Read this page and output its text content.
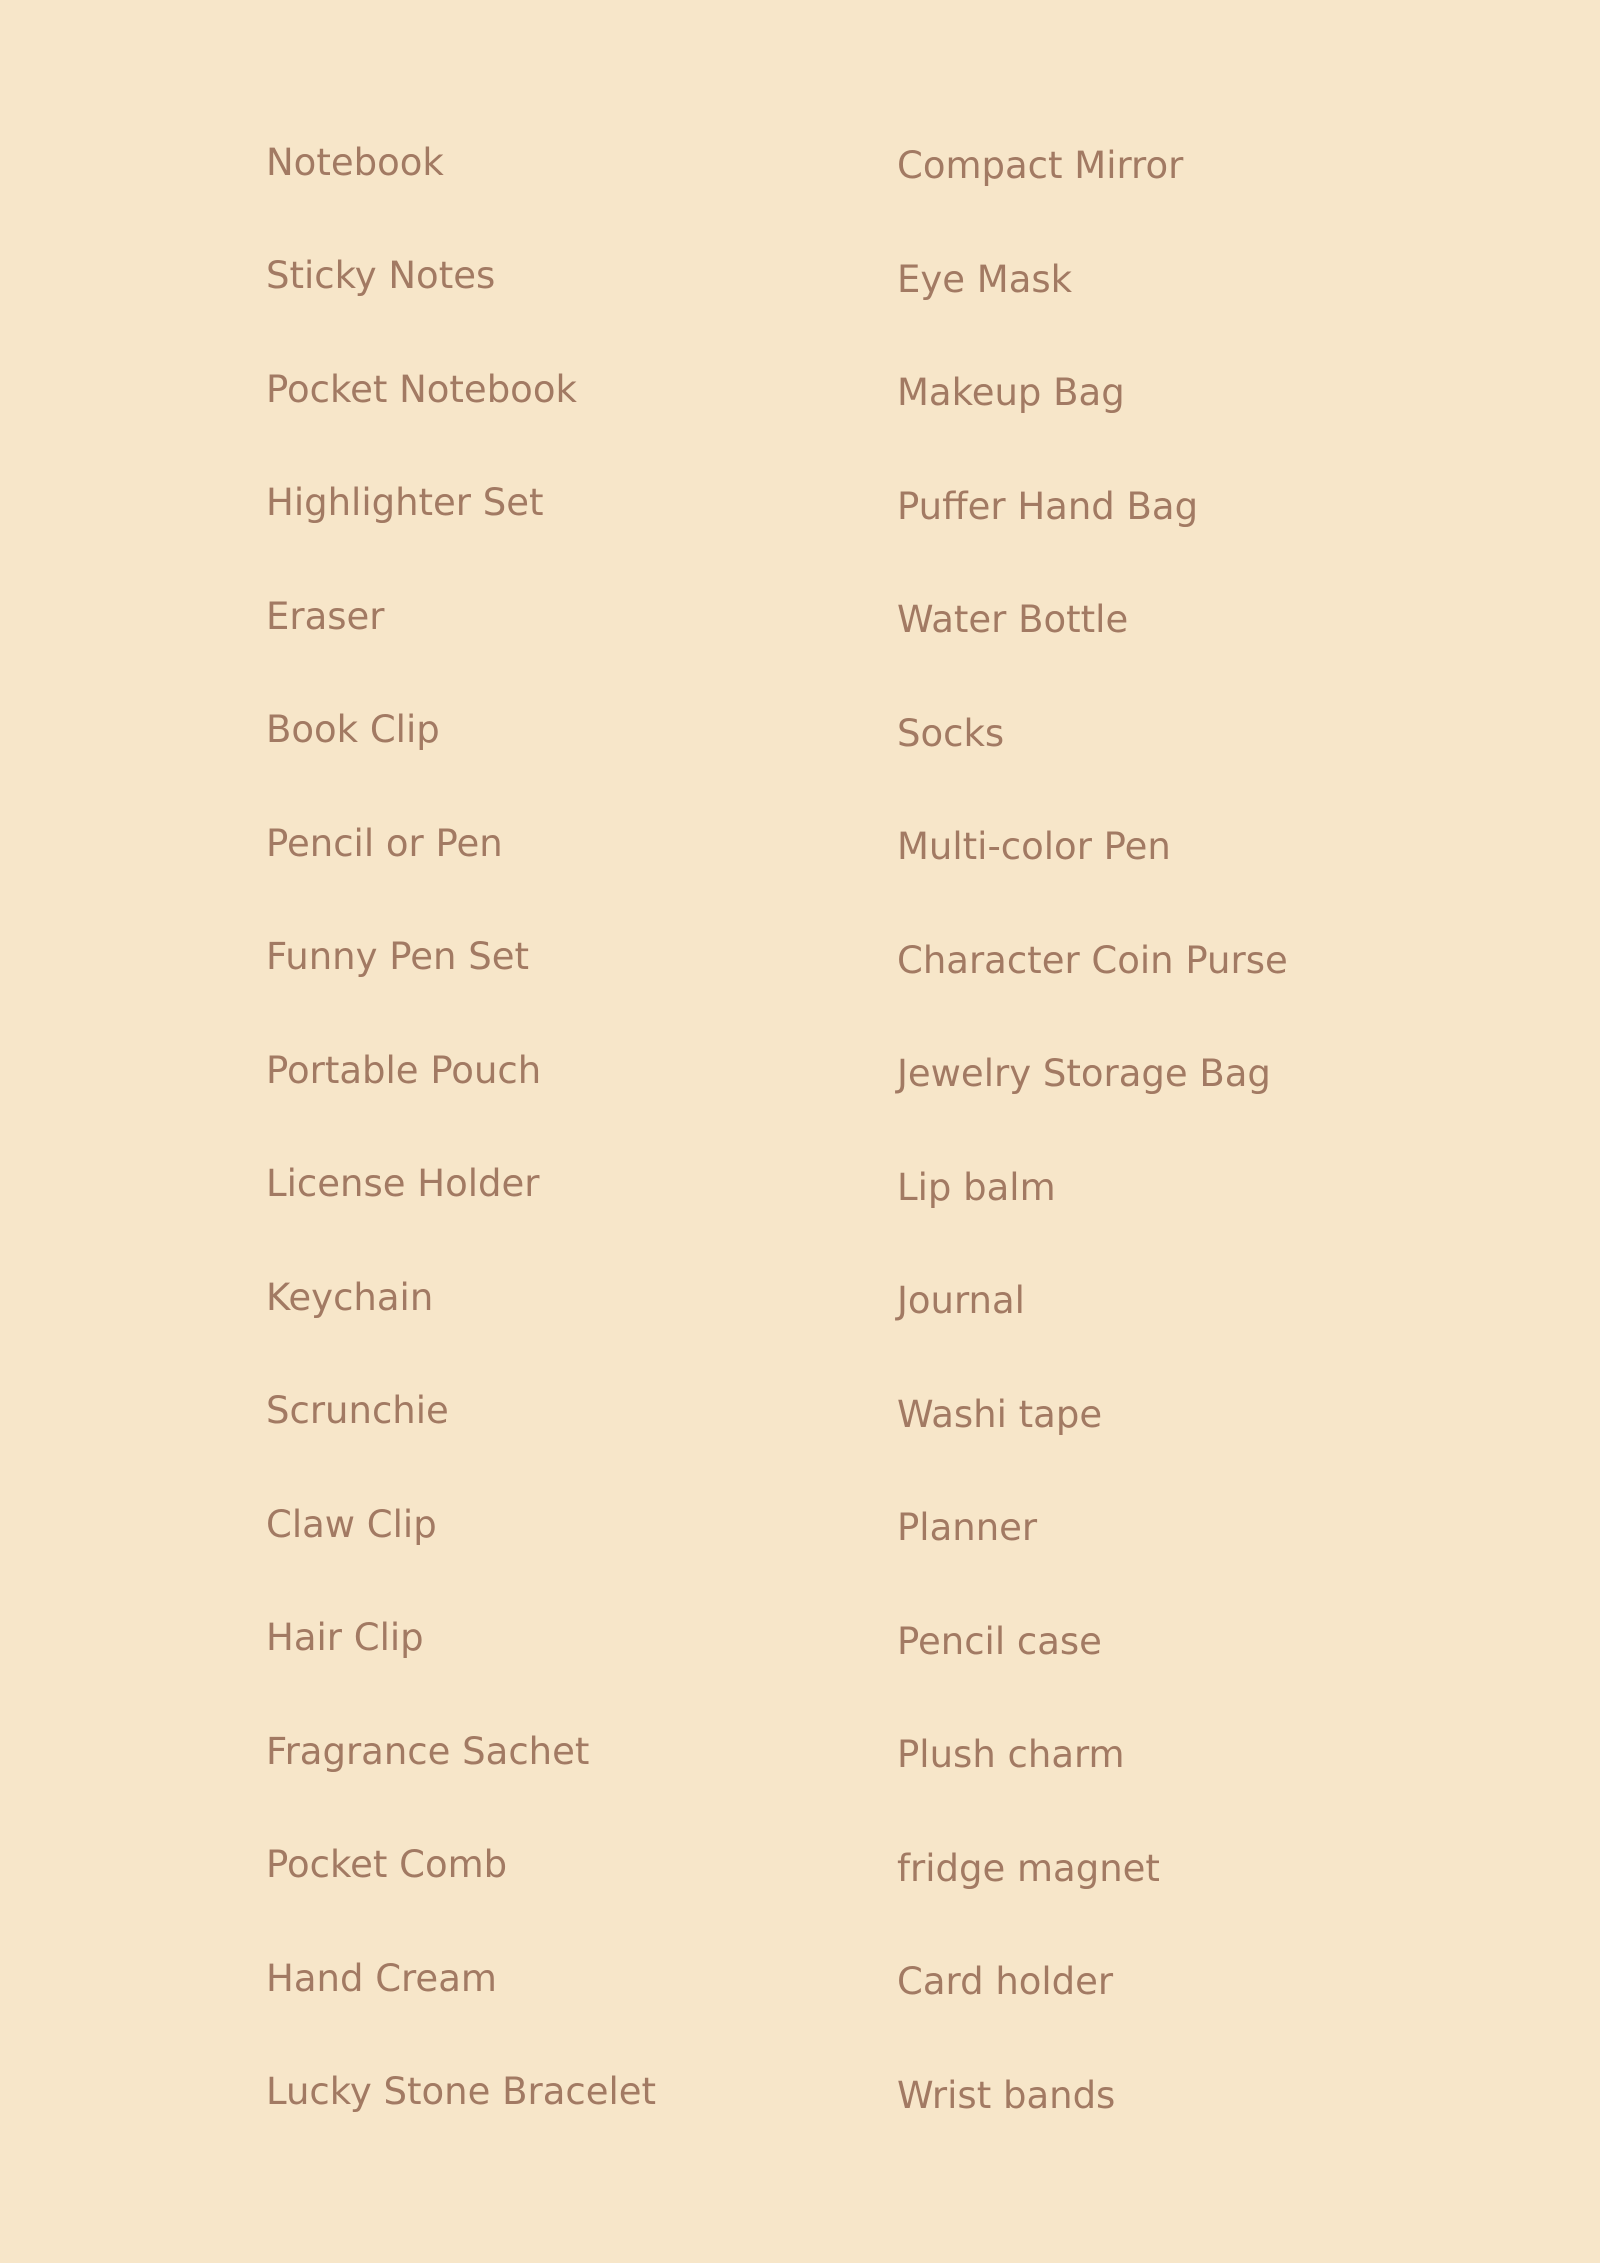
Notebook
Sticky Notes
Pocket Notebook
Highlighter Set
Eraser
Book Clip
Pencil or Pen
Funny Pen Set
Portable Pouch
License Holder
Keychain
Scrunchie
Claw Clip
Hair Clip
Fragrance Sachet
Pocket Comb
Hand Cream
Lucky Stone Bracelet
Compact Mirror
Eye Mask
Makeup Bag
Puffer Hand Bag
Water Bottle
Socks
Multi-color Pen
Character Coin Purse
Jewelry Storage Bag
Lip balm
Journal
Washi tape
Planner
Pencil case
Plush charm
fridge magnet
Card holder
Wrist bands
